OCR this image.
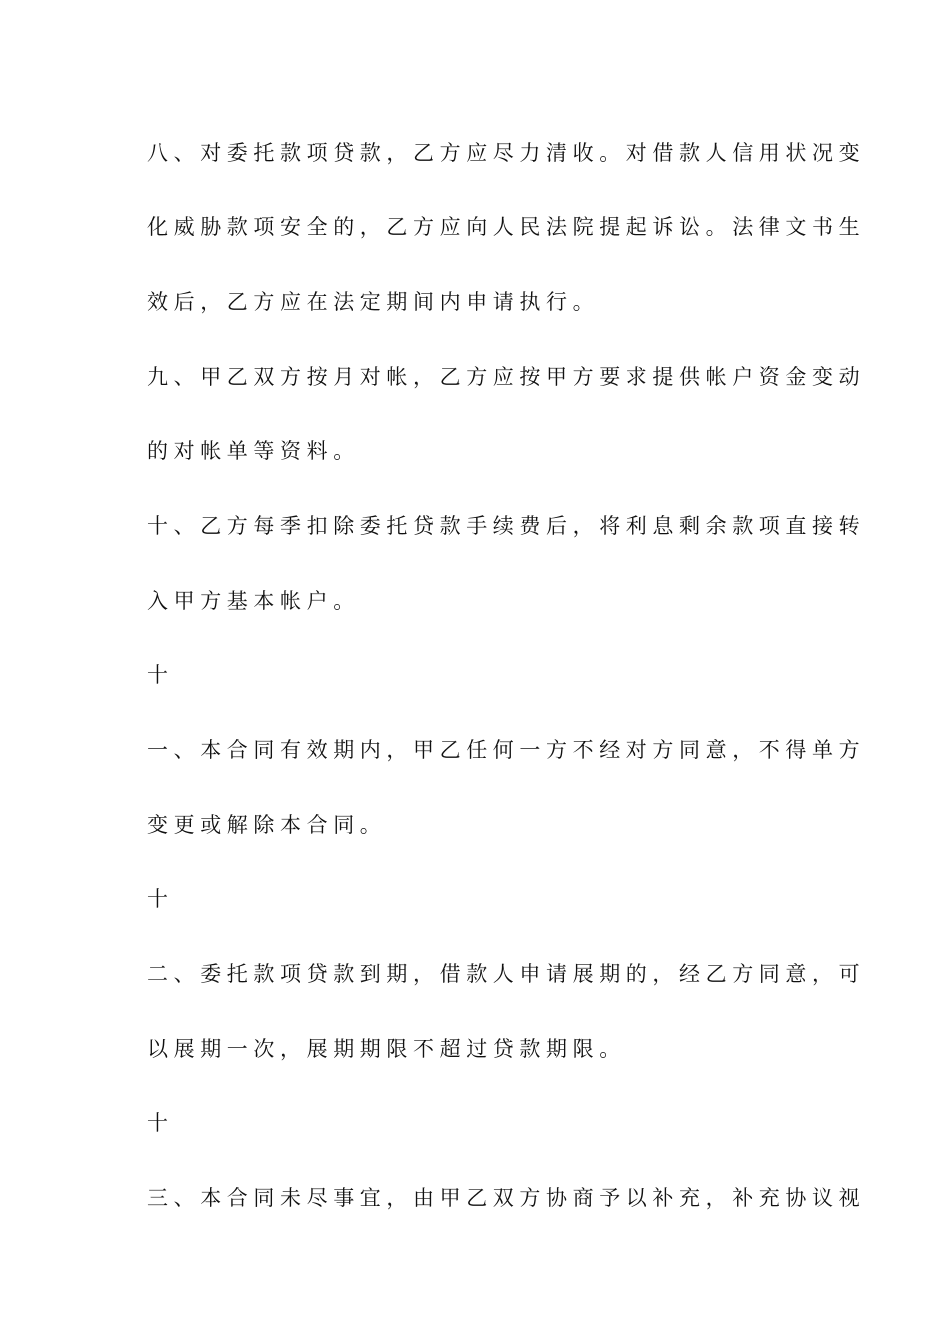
八、对委托款项贷款，乙方应尽力清收。对借款人信用状况变
化威胁款项安全的，乙方应向人民法院提起诉讼。法律文书生
效后，乙方应在法定期间内申请执行。
九、甲乙双方按月对帐，乙方应按甲方要求提供帐户资金变动
的对帐单等资料。
十、乙方每季扣除委托贷款手续费后，将利息剩余款项直接转
入甲方基本帐户。
十
一、本合同有效期内，甲乙任何一方不经对方同意，不得单方
变更或解除本合同。
十
二、委托款项贷款到期，借款人申请展期的，经乙方同意，可
以展期一次，展期期限不超过贷款期限。
十
三、本合同未尽事宜，由甲乙双方协商予以补充，补充协议视
